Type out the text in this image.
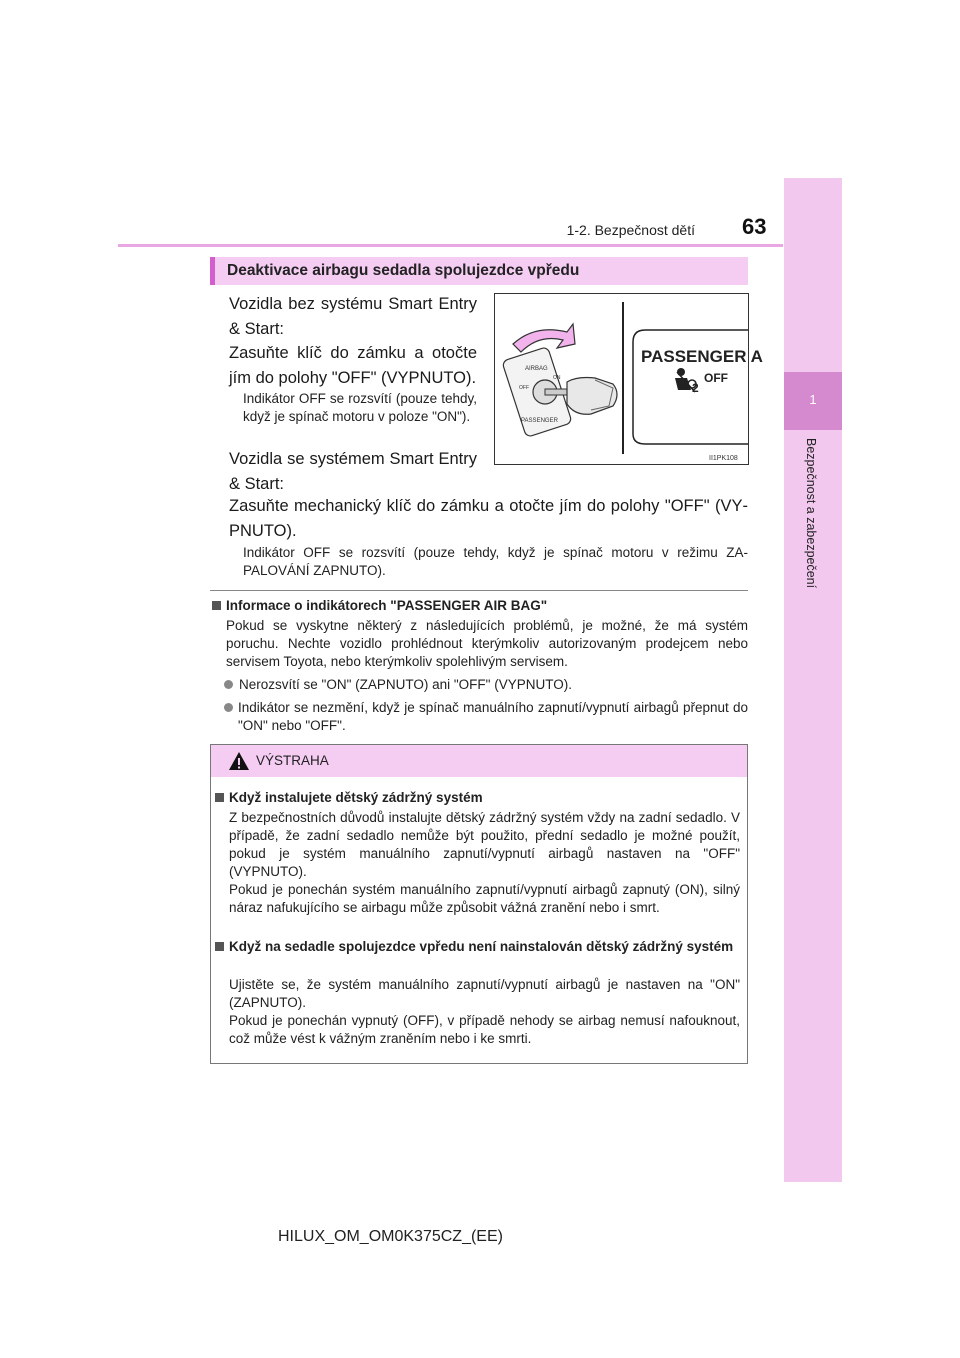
1-2. Bezpečnost dětí 63
1
Bezpečnost a zabezpečení
Deaktivace airbagu sedadla spolujezdce vpředu
Vozidla bez systému Smart Entry & Start:
Zasuňte klíč do zámku a otočte jím do polohy "OFF" (VYPNUTO).
Indikátor OFF se rozsvítí (pouze tehdy, když je spínač motoru v poloze "ON").
Vozidla se systémem Smart Entry & Start:
Zasuňte mechanický klíč do zámku a otočte jím do polohy "OFF" (VYPNUTO).
Indikátor OFF se rozsvítí (pouze tehdy, když je spínač motoru v režimu ZAPALOVÁNÍ ZAPNUTO).
PASSENGER A
2
OFF
AIRBAG
ON
OFF
PASSENGER
II1PK108
Informace o indikátorech "PASSENGER AIR BAG"
Pokud se vyskytne některý z následujících problémů, je možné, že má systém poruchu. Nechte vozidlo prohlédnout kterýmkoliv autorizovaným prodejcem nebo servisem Toyota, nebo kterýmkoliv spolehlivým servisem.
Nerozsvítí se "ON" (ZAPNUTO) ani "OFF" (VYPNUTO).
Indikátor se nezmění, když je spínač manuálního zapnutí/vypnutí airbagů přepnut do "ON" nebo "OFF".
VÝSTRAHA
Když instalujete dětský zádržný systém
Z bezpečnostních důvodů instalujte dětský zádržný systém vždy na zadní sedadlo. V případě, že zadní sedadlo nemůže být použito, přední sedadlo je možné použít, pokud je systém manuálního zapnutí/vypnutí airbagů nastaven na "OFF" (VYPNUTO).
Pokud je ponechán systém manuálního zapnutí/vypnutí airbagů zapnutý (ON), silný náraz nafukujícího se airbagu může způsobit vážná zranění nebo i smrt.
Když na sedadle spolujezdce vpředu není nainstalován dětský zádržný systém
Ujistěte se, že systém manuálního zapnutí/vypnutí airbagů je nastaven na "ON" (ZAPNUTO).
Pokud je ponechán vypnutý (OFF), v případě nehody se airbag nemusí nafouknout, což může vést k vážným zraněním nebo i ke smrti.
HILUX_OM_OM0K375CZ_(EE)
